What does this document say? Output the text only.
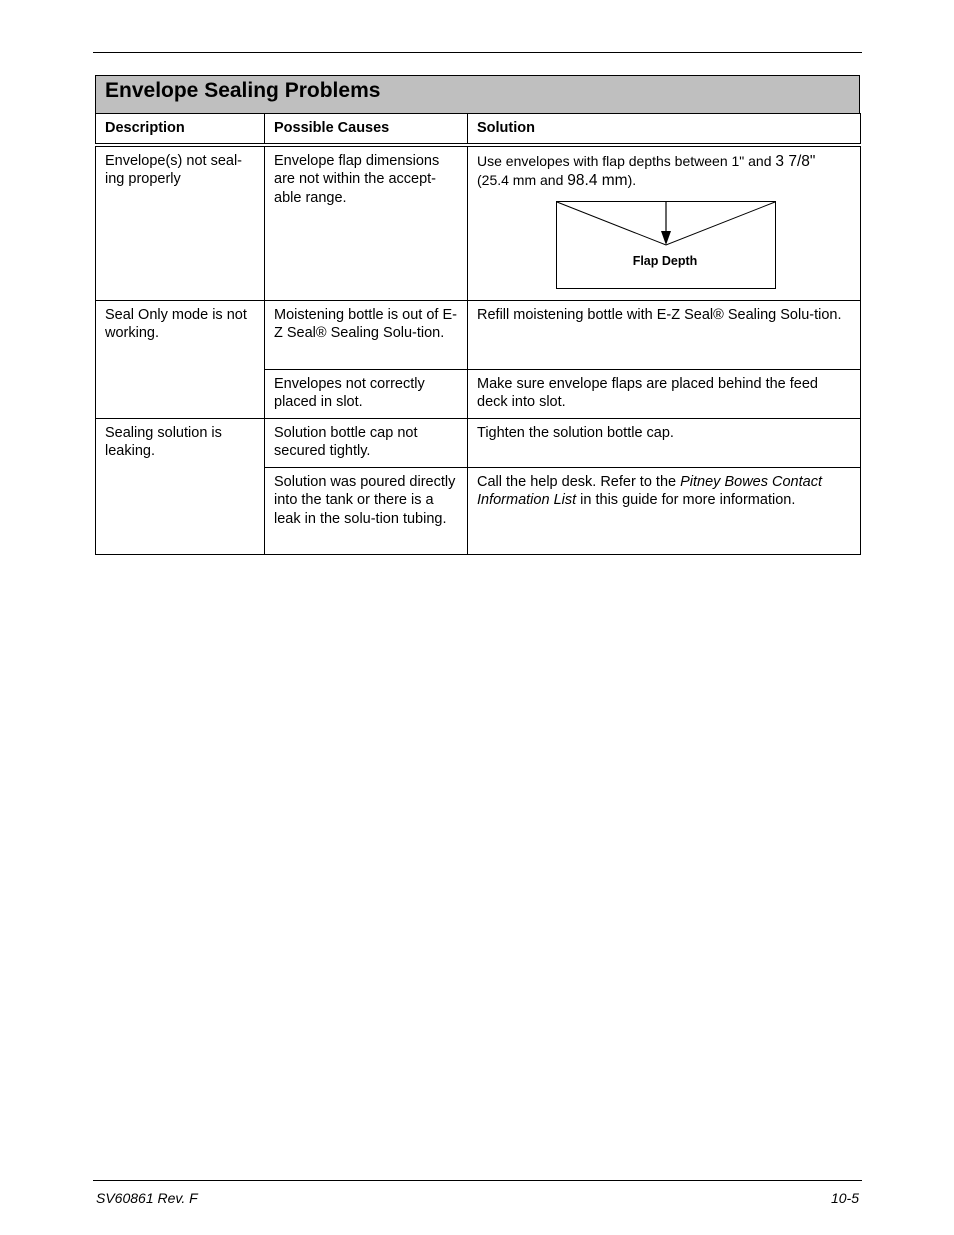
Envelope Sealing Problems
Description	Possible Causes	Solution
Envelope(s) not seal-ing properly	Envelope flap dimensions are not within the accept-able range.	Use envelopes with flap depths between 1" and 3 7/8"
(25.4 mm and 98.4 mm).
Flap Depth

Seal Only mode is not working.	Moistening bottle is out of E-Z Seal® Sealing Solu-tion.	Refill moistening bottle with E-Z Seal® Sealing Solu-tion.
	Envelopes not correctly placed in slot.	Make sure envelope flaps are placed behind the feed deck into slot.
Sealing solution is leaking.	Solution bottle cap not secured tightly.	Tighten the solution bottle cap.
	Solution was poured directly into the tank or there is a leak in the solu-tion tubing.	Call the help desk. Refer to the Pitney Bowes Contact Information List in this guide for more information.
SV60861 Rev. F	10-5
